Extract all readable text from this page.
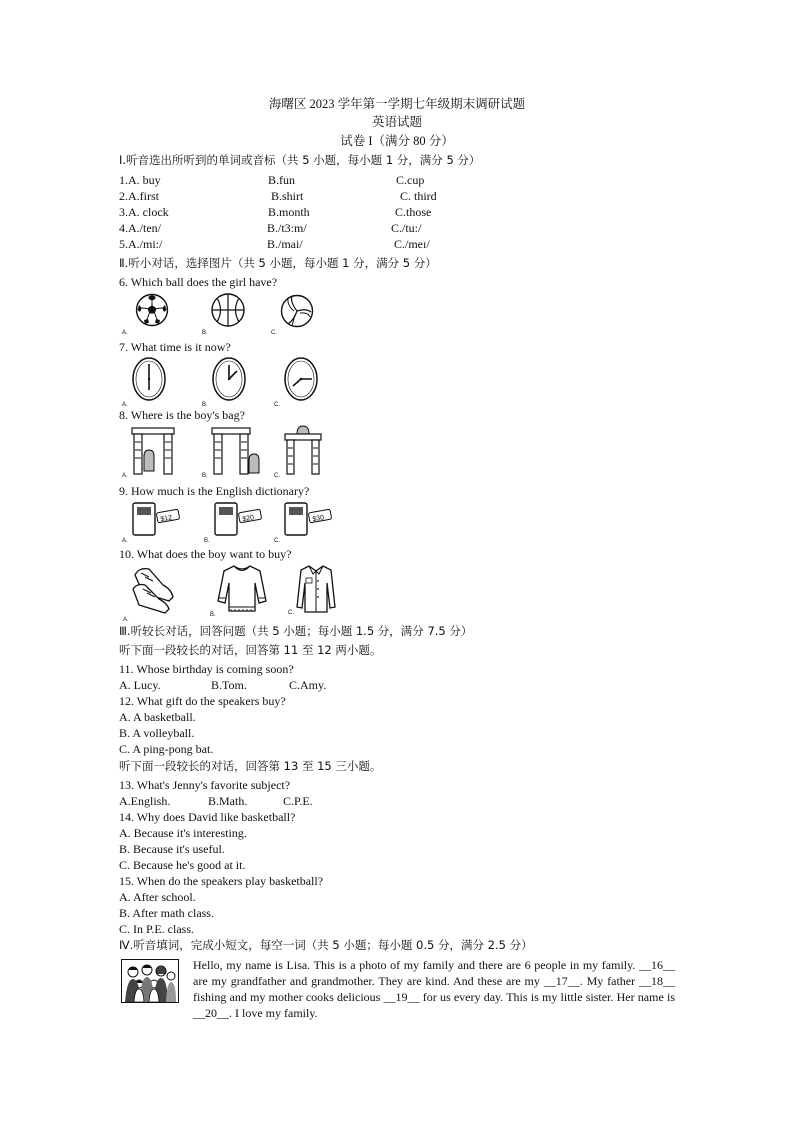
海曙区 2023 学年第一学期七年级期末调研试题
英语试题
试卷 I（满分 80 分）
I.听音选出所听到的单词或音标（共 5 小题，每小题 1 分，满分 5 分）
1.A. buy	B.fun	C.cup
2.A.first	B.shirt	C. third
3.A. clock	B.month	C.those
4.A./ten/	B./t3:m/	C./tu:/
5.A./mi:/	B./mai/	C./meɪ/
Ⅱ.听小对话，选择图片（共 5 小题，每小题 1 分，满分 5 分）
6. Which ball does the girl have?
A.	B.	C.
7. What time is it now?
A.	B.	C.
8. Where is the boy's bag?
A.	B.	C.
9. How much is the English dictionary?
$12
A.
$20
B.
$30
C.
10. What does the boy want to buy?
A.
B.	C.
Ⅲ.听较长对话，回答问题（共 5 小题；每小题 1.5 分，满分 7.5 分）
听下面一段较长的对话，回答第 11 至 12 两小题。
11. Whose birthday is coming soon?
A. Lucy.	B.Tom.	C.Amy.
12. What gift do the speakers buy?
A. A basketball.
B. A volleyball.
C. A ping-pong bat.
听下面一段较长的对话，回答第 13 至 15 三小题。
13. What's Jenny's favorite subject?
A.English.	B.Math.	C.P.E.
14. Why does David like basketball?
A. Because it's interesting.
B. Because it's useful.
C. Because he's good at it.
15. When do the speakers play basketball?
A. After school.
B. After math class.
C. In P.E. class.
Ⅳ.听音填词，完成小短文，每空一词（共 5 小题；每小题 0.5 分，满分 2.5 分）
Hello, my name is Lisa. This is a photo of my family and there are 6 people in my family. __16__ are my grandfather and grandmother. They are kind. And these are my __17__. My father __18__ fishing and my mother cooks delicious __19__ for us every day. This is my little sister. Her name is __20__. I love my family.
